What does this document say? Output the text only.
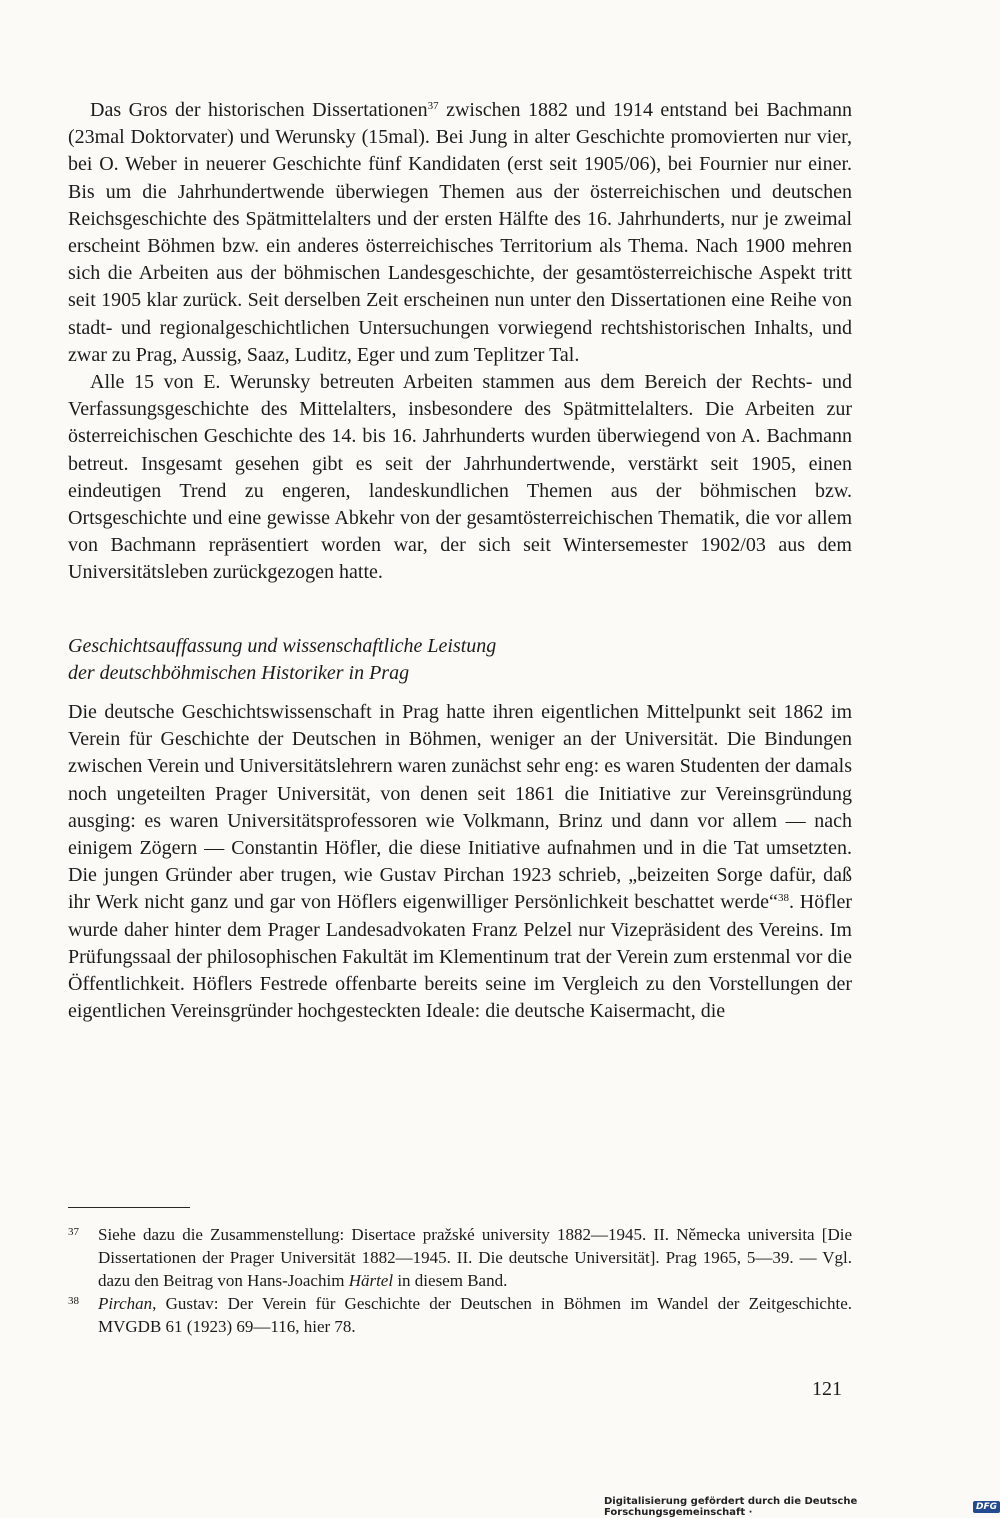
Das Gros der historischen Dissertationen$^{37}$ zwischen 1882 und 1914 entstand bei Bachmann (23mal Doktorvater) und Werunsky (15mal). Bei Jung in alter Geschichte promovierten nur vier, bei O. Weber in neuerer Geschichte fünf Kandidaten (erst seit 1905/06), bei Fournier nur einer. Bis um die Jahrhundertwende überwiegen Themen aus der österreichischen und deutschen Reichsgeschichte des Spätmittelalters und der ersten Hälfte des 16. Jahrhunderts, nur je zweimal erscheint Böhmen bzw. ein anderes österreichisches Territorium als Thema. Nach 1900 mehren sich die Arbeiten aus der böhmischen Landesgeschichte, der gesamtösterreichische Aspekt tritt seit 1905 klar zurück. Seit derselben Zeit erscheinen nun unter den Dissertationen eine Reihe von stadt- und regionalgeschichtlichen Untersuchungen vorwiegend rechtshistorischen Inhalts, und zwar zu Prag, Aussig, Saaz, Luditz, Eger und zum Teplitzer Tal.

Alle 15 von E. Werunsky betreuten Arbeiten stammen aus dem Bereich der Rechts- und Verfassungsgeschichte des Mittelalters, insbesondere des Spätmittelalters. Die Arbeiten zur österreichischen Geschichte des 14. bis 16. Jahrhunderts wurden überwiegend von A. Bachmann betreut. Insgesamt gesehen gibt es seit der Jahrhundertwende, verstärkt seit 1905, einen eindeutigen Trend zu engeren, landeskundlichen Themen aus der böhmischen bzw. Ortsgeschichte und eine gewisse Abkehr von der gesamtösterreichischen Thematik, die vor allem von Bachmann repräsentiert worden war, der sich seit Wintersemester 1902/03 aus dem Universitätsleben zurückgezogen hatte.

Geschichtsauffassung und wissenschaftliche Leistung
der deutschböhmischen Historiker in Prag

Die deutsche Geschichtswissenschaft in Prag hatte ihren eigentlichen Mittelpunkt seit 1862 im Verein für Geschichte der Deutschen in Böhmen, weniger an der Universität. Die Bindungen zwischen Verein und Universitätslehrern waren zunächst sehr eng: es waren Studenten der damals noch ungeteilten Prager Universität, von denen seit 1861 die Initiative zur Vereinsgründung ausging: es waren Universitätsprofessoren wie Volkmann, Brinz und dann vor allem — nach einigem Zögern — Constantin Höfler, die diese Initiative aufnahmen und in die Tat umsetzten. Die jungen Gründer aber trugen, wie Gustav Pirchan 1923 schrieb, „beizeiten Sorge dafür, daß ihr Werk nicht ganz und gar von Höflers eigenwilliger Persönlichkeit beschattet werde“$^{38}$. Höfler wurde daher hinter dem Prager Landesadvokaten Franz Pelzel nur Vizepräsident des Vereins. Im Prüfungssaal der philosophischen Fakultät im Klementinum trat der Verein zum erstenmal vor die Öffentlichkeit. Höflers Festrede offenbarte bereits seine im Vergleich zu den Vorstellungen der eigentlichen Vereinsgründer hochgesteckten Ideale: die deutsche Kaisermacht, die

37 Siehe dazu die Zusammenstellung: Disertace pražské university 1882—1945. II. Německa universita [Die Dissertationen der Prager Universität 1882—1945. II. Die deutsche Universität]. Prag 1965, 5—39. — Vgl. dazu den Beitrag von Hans-Joachim Härtel in diesem Band.

38 Pirchan, Gustav: Der Verein für Geschichte der Deutschen in Böhmen im Wandel der Zeitgeschichte. MVGDB 61 (1923) 69—116, hier 78.

121
Digitalisierung gefördert durch die Deutsche Forschungsgemeinschaft ·	DFG
